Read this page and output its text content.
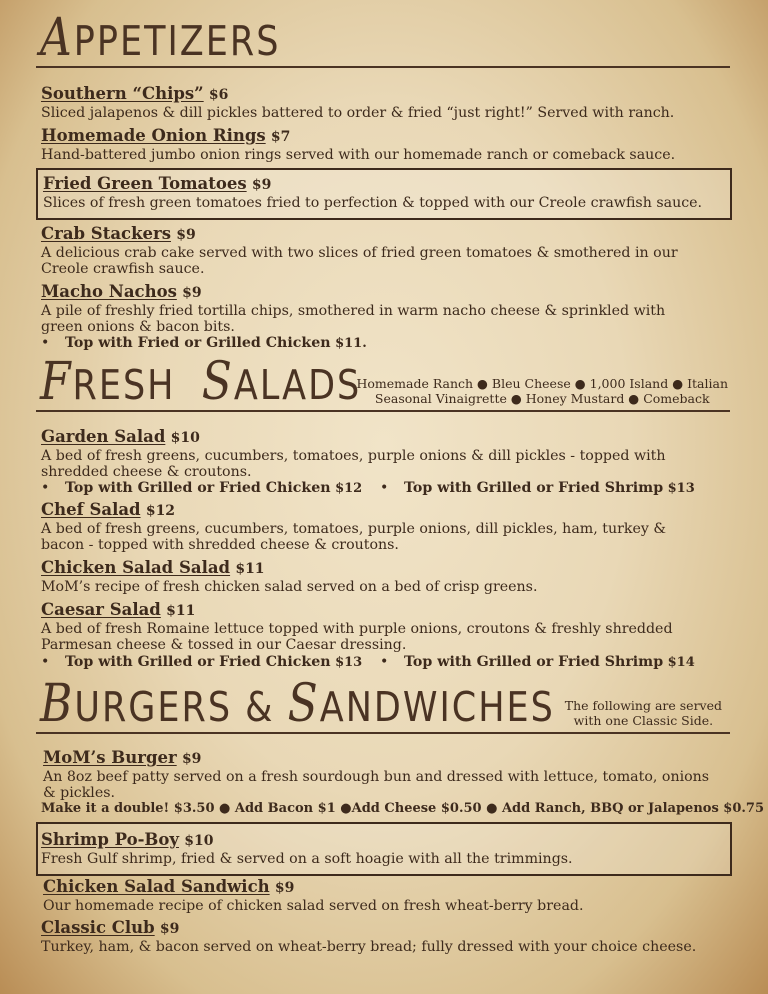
APPETIZERS
Southern “Chips” $6
Sliced jalapenos & dill pickles battered to order & fried “just right!” Served with ranch.
Homemade Onion Rings $7
Hand-battered jumbo onion rings served with our homemade ranch or comeback sauce.
Fried Green Tomatoes $9
Slices of fresh green tomatoes fried to perfection & topped with our Creole crawfish sauce.
Crab Stackers $9
A delicious crab cake served with two slices of fried green tomatoes & smothered in our Creole crawfish sauce.
Macho Nachos $9
A pile of freshly fried tortilla chips, smothered in warm nacho cheese & sprinkled with green onions & bacon bits.
• Top with Fried or Grilled Chicken $11.
FRESH SALADS
Homemade Ranch ● Bleu Cheese ● 1,000 Island ● Italian
Seasonal Vinaigrette ● Honey Mustard ● Comeback
Garden Salad $10
A bed of fresh greens, cucumbers, tomatoes, purple onions & dill pickles - topped with shredded cheese & croutons.
• Top with Grilled or Fried Chicken $12 • Top with Grilled or Fried Shrimp $13
Chef Salad $12
A bed of fresh greens, cucumbers, tomatoes, purple onions, dill pickles, ham, turkey & bacon - topped with shredded cheese & croutons.
Chicken Salad Salad $11
MoM’s recipe of fresh chicken salad served on a bed of crisp greens.
Caesar Salad $11
A bed of fresh Romaine lettuce topped with purple onions, croutons & freshly shredded Parmesan cheese & tossed in our Caesar dressing.
• Top with Grilled or Fried Chicken $13 • Top with Grilled or Fried Shrimp $14
BURGERS & SANDWICHES The following are served
with one Classic Side.
MoM’s Burger $9
An 8oz beef patty served on a fresh sourdough bun and dressed with lettuce, tomato, onions & pickles.
Make it a double! $3.50 ● Add Bacon $1 ●Add Cheese $0.50 ● Add Ranch, BBQ or Jalapenos $0.75
Shrimp Po-Boy $10
Fresh Gulf shrimp, fried & served on a soft hoagie with all the trimmings.
Chicken Salad Sandwich $9
Our homemade recipe of chicken salad served on fresh wheat-berry bread.
Classic Club $9
Turkey, ham, & bacon served on wheat-berry bread; fully dressed with your choice cheese.
